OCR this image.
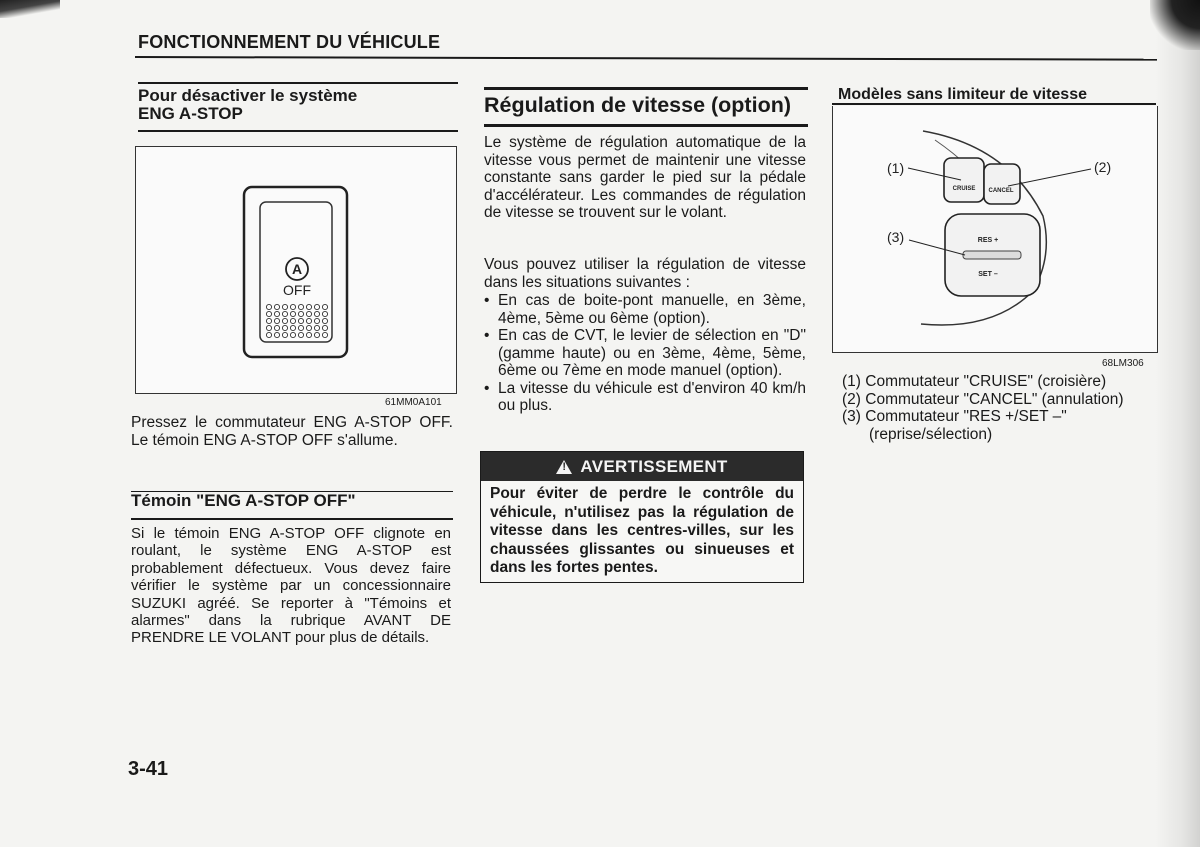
FONCTIONNEMENT DU VÉHICULE
Pour désactiver le système
ENG A-STOP
A
OFF
61MM0A101
Pressez le commutateur ENG A-STOP OFF. Le témoin ENG A-STOP OFF s'allume.
Témoin "ENG A-STOP OFF"
Si le témoin ENG A-STOP OFF clignote en roulant, le système ENG A-STOP est probablement défectueux. Vous devez faire vérifier le système par un concessionnaire SUZUKI agréé. Se reporter à "Témoins et alarmes" dans la rubrique AVANT DE PRENDRE LE VOLANT pour plus de détails.
3-41
Régulation de vitesse (option)
Le système de régulation automatique de la vitesse vous permet de maintenir une vitesse constante sans garder le pied sur la pédale d'accélérateur. Les commandes de régulation de vitesse se trouvent sur le volant.
Vous pouvez utiliser la régulation de vitesse dans les situations suivantes :
• En cas de boite-pont manuelle, en 3ème, 4ème, 5ème ou 6ème (option).
• En cas de CVT, le levier de sélection en "D" (gamme haute) ou en 3ème, 4ème, 5ème, 6ème ou 7ème en mode manuel (option).
• La vitesse du véhicule est d'environ 40 km/h ou plus.
!
AVERTISSEMENT
Pour éviter de perdre le contrôle du véhicule, n'utilisez pas la régulation de vitesse dans les centres-villes, sur les chaussées glissantes ou sinueuses et dans les fortes pentes.
Modèles sans limiteur de vitesse
CRUISE CANCEL
RES +
SET –
(1)	(2)
(3)
68LM306
(1) Commutateur "CRUISE" (croisière)
(2) Commutateur "CANCEL" (annulation)
(3) Commutateur "RES +/SET –"
(reprise/sélection)
